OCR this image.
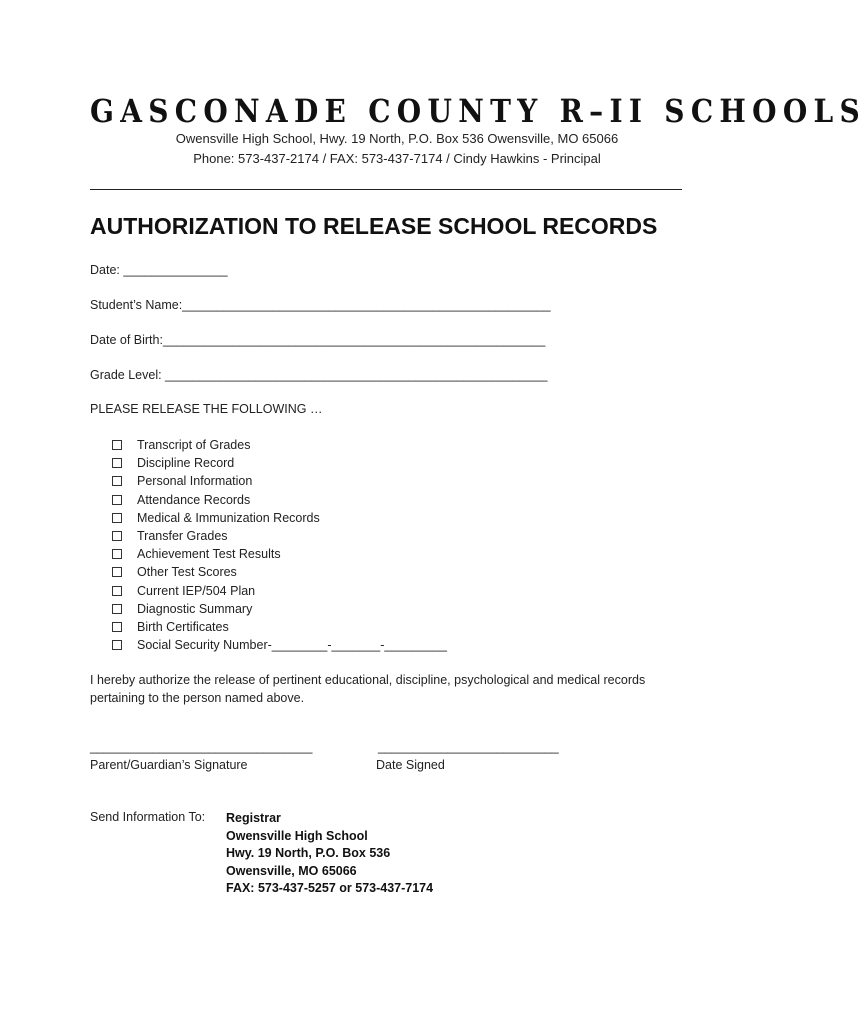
GASCONADE COUNTY R–II SCHOOLS

Owensville High School, Hwy. 19 North, P.O. Box 536 Owensville, MO 65066

Phone: 573-437-2174 / FAX: 573-437-7174 / Cindy Hawkins - Principal

AUTHORIZATION TO RELEASE SCHOOL RECORDS

Date: _______________

Student’s Name:_____________________________________________________

Date of Birth:_______________________________________________________

Grade Level: _______________________________________________________

PLEASE RELEASE THE FOLLOWING …

Transcript of Grades
Discipline Record
Personal Information
Attendance Records
Medical & Immunization Records
Transfer Grades
Achievement Test Results
Other Test Scores
Current IEP/504 Plan
Diagnostic Summary
Birth Certificates
Social Security Number-________-_______-_________

I hereby authorize the release of pertinent educational, discipline, psychological and medical records pertaining to the person named above.

________________________________	__________________________
Parent/Guardian’s Signature	Date Signed
Send Information To: Registrar
Owensville High School
Hwy. 19 North, P.O. Box 536
Owensville, MO 65066
FAX: 573-437-5257 or 573-437-7174
